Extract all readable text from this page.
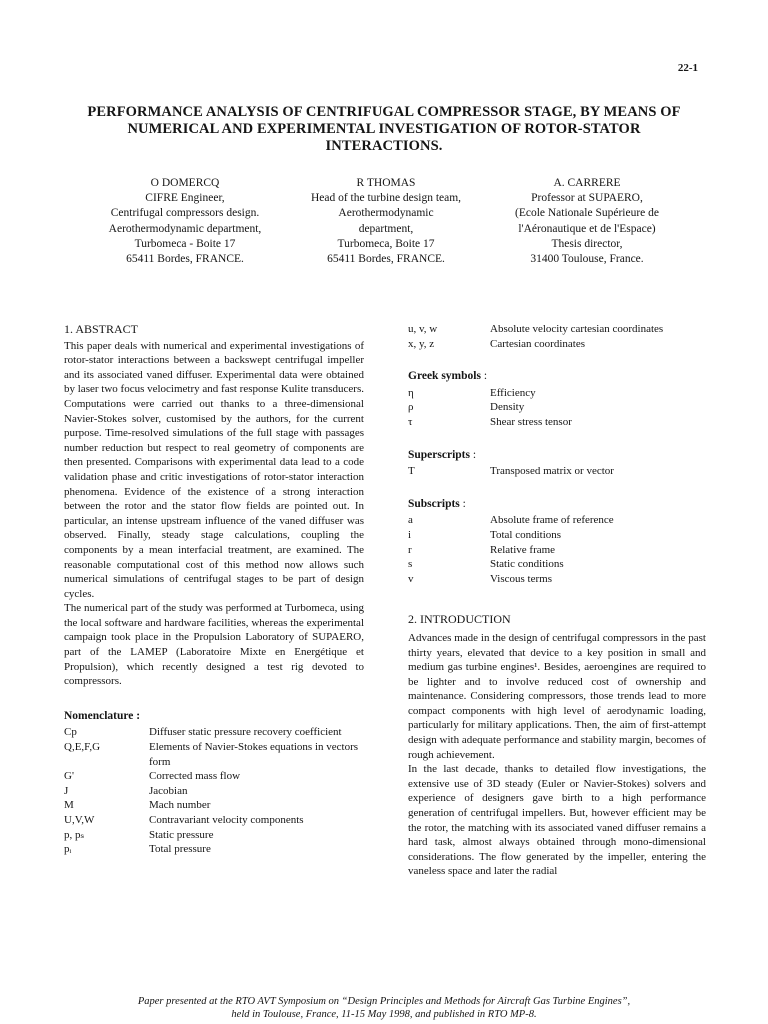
22-1
PERFORMANCE ANALYSIS OF CENTRIFUGAL COMPRESSOR STAGE, BY MEANS OF NUMERICAL AND EXPERIMENTAL INVESTIGATION OF ROTOR-STATOR INTERACTIONS.
O DOMERCQ
CIFRE Engineer,
Centrifugal compressors design.
Aerothermodynamic department,
Turbomeca - Boite 17
65411 Bordes, FRANCE.
R THOMAS
Head of the turbine design team,
Aerothermodynamic
department,
Turbomeca, Boite 17
65411 Bordes, FRANCE.
A. CARRERE
Professor at SUPAERO,
(Ecole Nationale Supérieure de
l'Aéronautique et de l'Espace)
Thesis director,
31400 Toulouse, France.
1. ABSTRACT

This paper deals with numerical and experimental investigations of rotor-stator interactions between a backswept centrifugal impeller and its associated vaned diffuser. Experimental data were obtained by laser two focus velocimetry and fast response Kulite transducers. Computations were carried out thanks to a three-dimensional Navier-Stokes solver, customised by the authors, for the current purpose. Time-resolved simulations of the full stage with passages number reduction but respect to real geometry of components are then presented. Comparisons with experimental data lead to a code validation phase and critic investigations of rotor-stator interaction phenomena. Evidence of the existence of a strong interaction between the rotor and the stator flow fields are pointed out. In particular, an intense upstream influence of the vaned diffuser was observed. Finally, steady stage calculations, coupling the components by a mean interfacial treatment, are examined. The reasonable computational cost of this method now allows such numerical simulations of centrifugal stages to be part of design cycles.

The numerical part of the study was performed at Turbomeca, using the local software and hardware facilities, whereas the experimental campaign took place in the Propulsion Laboratory of SUPAERO, part of the LAMEP (Laboratoire Mixte en Energétique et Propulsion), which recently designed a test rig devoted to compressors.

Nomenclature :
Cp	Diffuser static pressure recovery coefficient
Q,E,F,G	Elements of Navier-Stokes equations in vectors form
G'	Corrected mass flow
J	Jacobian
M	Mach number
U,V,W	Contravariant velocity components
p, pₛ	Static pressure
pᵢ	Total pressure
u, v, w	Absolute velocity cartesian coordinates
x, y, z	Cartesian coordinates
Greek symbols :
η	Efficiency
ρ	Density
τ	Shear stress tensor
Superscripts :
T	Transposed matrix or vector
Subscripts :
a	Absolute frame of reference
i	Total conditions
r	Relative frame
s	Static conditions
v	Viscous terms
2. INTRODUCTION

Advances made in the design of centrifugal compressors in the past thirty years, elevated that device to a key position in small and medium gas turbine engines¹. Besides, aeroengines are required to be lighter and to involve reduced cost of ownership and maintenance. Considering compressors, those trends lead to more compact components with high level of aerodynamic loading, particularly for military applications. Then, the aim of first-attempt design with adequate performance and stability margin, becomes of rough achievement.

In the last decade, thanks to detailed flow investigations, the extensive use of 3D steady (Euler or Navier-Stokes) solvers and experience of designers gave birth to a high performance generation of centrifugal impellers. But, however efficient may be the rotor, the matching with its associated vaned diffuser remains a hard task, almost always obtained through mono-dimensional considerations. The flow generated by the impeller, entering the vaneless space and later the radial

Paper presented at the RTO AVT Symposium on “Design Principles and Methods for Aircraft Gas Turbine Engines”,
held in Toulouse, France, 11-15 May 1998, and published in RTO MP-8.
